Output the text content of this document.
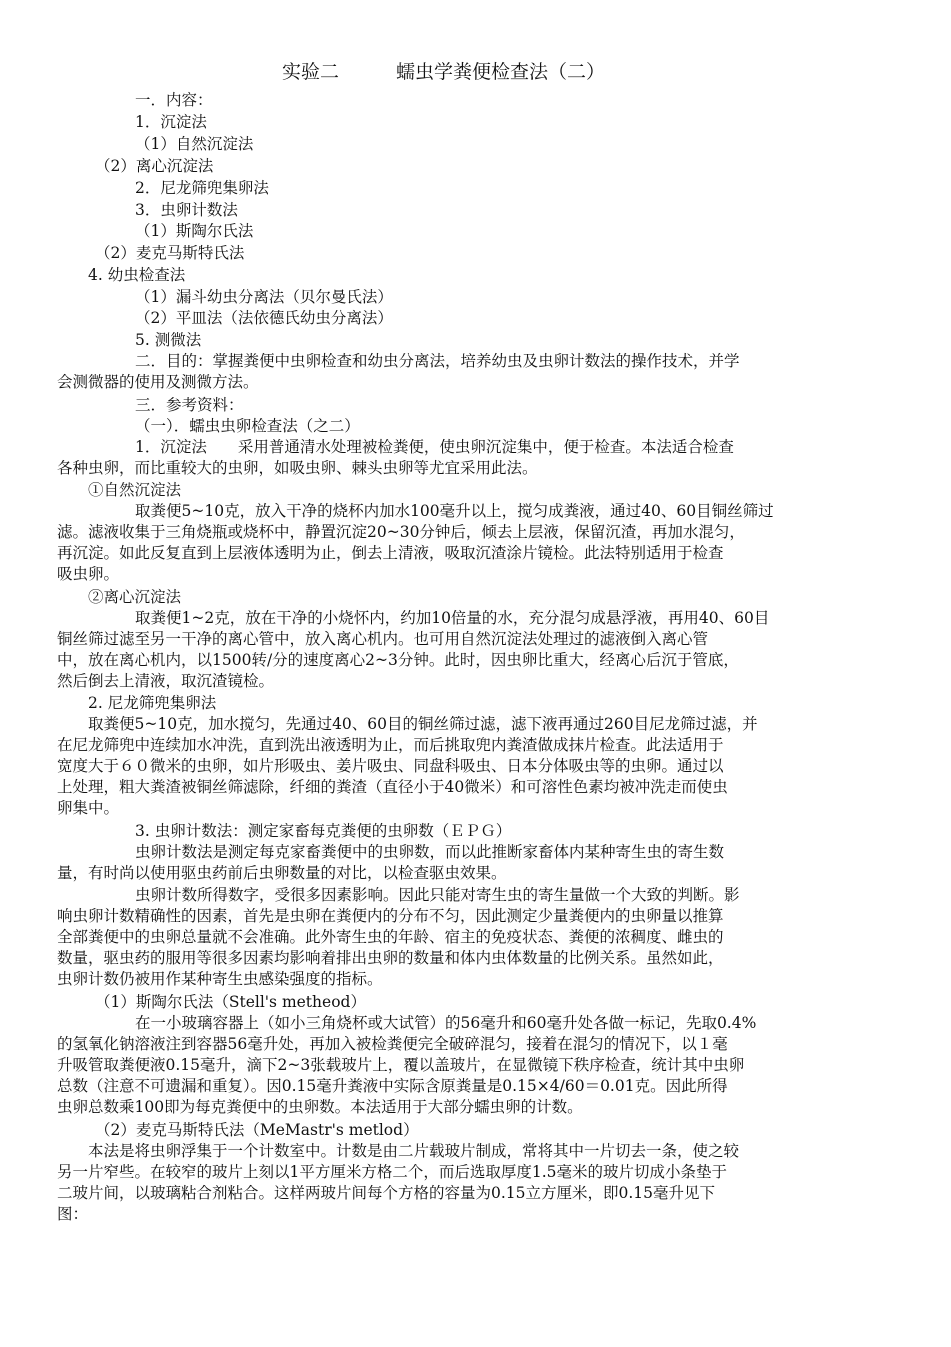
实验二　　　蠕虫学粪便检查法（二）

一．内容：

1．沉淀法

（1）自然沉淀法

（2）离心沉淀法

2．尼龙筛兜集卵法

3．虫卵计数法

（1）斯陶尔氏法

（2）麦克马斯特氏法

4. 幼虫检查法

（1）漏斗幼虫分离法（贝尔曼氏法）

（2）平皿法（法依德氏幼虫分离法）

5. 测微法

二．目的：掌握粪便中虫卵检查和幼虫分离法，培养幼虫及虫卵计数法的操作技术，并学

会测微器的使用及测微方法。

三．参考资料：

（一）．蠕虫虫卵检查法（之二）

1．沉淀法　　采用普通清水处理被检粪便，使虫卵沉淀集中，便于检查。本法适合检查

各种虫卵，而比重较大的虫卵，如吸虫卵、棘头虫卵等尤宜采用此法。

①自然沉淀法

取粪便5~10克，放入干净的烧杯内加水100毫升以上，搅匀成粪液，通过40、60目铜丝筛过

滤。滤液收集于三角烧瓶或烧杯中，静置沉淀20~30分钟后，倾去上层液，保留沉渣，再加水混匀，

再沉淀。如此反复直到上层液体透明为止，倒去上清液，吸取沉渣涂片镜检。此法特别适用于检查

吸虫卵。

②离心沉淀法

取粪便1~2克，放在干净的小烧怀内，约加10倍量的水，充分混匀成悬浮液，再用40、60目

铜丝筛过滤至另一干净的离心管中，放入离心机内。也可用自然沉淀法处理过的滤液倒入离心管

中，放在离心机内，以1500转/分的速度离心2~3分钟。此时，因虫卵比重大，经离心后沉于管底，

然后倒去上清液，取沉渣镜检。

2. 尼龙筛兜集卵法

取粪便5~10克，加水搅匀，先通过40、60目的铜丝筛过滤，滤下液再通过260目尼龙筛过滤，并

在尼龙筛兜中连续加水冲洗，直到洗出液透明为止，而后挑取兜内粪渣做成抹片检查。此法适用于

宽度大于６０微米的虫卵，如片形吸虫、姜片吸虫、同盘科吸虫、日本分体吸虫等的虫卵。通过以

上处理，粗大粪渣被铜丝筛滤除，纤细的粪渣（直径小于40微米）和可溶性色素均被冲洗走而使虫

卵集中。

3. 虫卵计数法：测定家畜每克粪便的虫卵数（ＥＰＧ）

虫卵计数法是测定每克家畜粪便中的虫卵数，而以此推断家畜体内某种寄生虫的寄生数

量，有时尚以使用驱虫药前后虫卵数量的对比，以检查驱虫效果。

虫卵计数所得数字，受很多因素影响。因此只能对寄生虫的寄生量做一个大致的判断。影

响虫卵计数精确性的因素，首先是虫卵在粪便内的分布不匀，因此测定少量粪便内的虫卵量以推算

全部粪便中的虫卵总量就不会准确。此外寄生虫的年龄、宿主的免疫状态、粪便的浓稠度、雌虫的

数量，驱虫药的服用等很多因素均影响着排出虫卵的数量和体内虫体数量的比例关系。虽然如此，

虫卵计数仍被用作某种寄生虫感染强度的指标。

（1）斯陶尔氏法（Stell's metheod）

在一小玻璃容器上（如小三角烧杯或大试管）的56毫升和60毫升处各做一标记，先取0.4%

的氢氧化钠溶液注到容器56毫升处，再加入被检粪便完全破碎混匀，接着在混匀的情况下，以１毫

升吸管取粪便液0.15毫升，滴下2~3张载玻片上，覆以盖玻片，在显微镜下秩序检查，统计其中虫卵

总数（注意不可遗漏和重复）。因0.15毫升粪液中实际含原粪量是0.15×4/60＝0.01克。因此所得

虫卵总数乘100即为每克粪便中的虫卵数。本法适用于大部分蠕虫卵的计数。

（2）麦克马斯特氏法（MeMastr's metlod）

本法是将虫卵浮集于一个计数室中。计数是由二片载玻片制成，常将其中一片切去一条，使之较

另一片窄些。在较窄的玻片上刻以1平方厘米方格二个，而后选取厚度1.5毫米的玻片切成小条垫于

二玻片间，以玻璃粘合剂粘合。这样两玻片间每个方格的容量为0.15立方厘米，即0.15毫升见下

图：
